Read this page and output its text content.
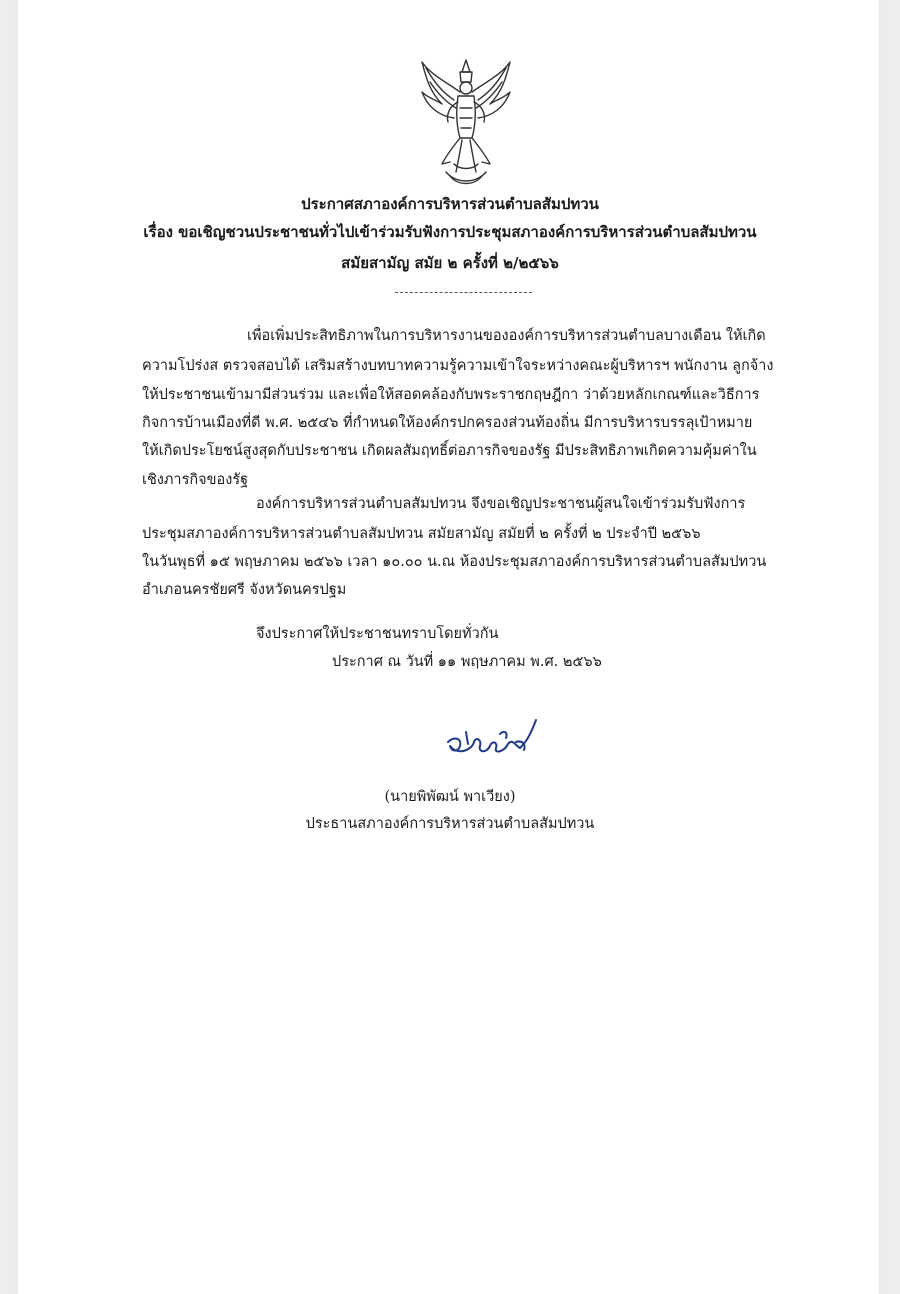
ประกาศสภาองค์การบริหารส่วนตำบลสัมปทวน
เรื่อง ขอเชิญชวนประชาชนทั่วไปเข้าร่วมรับฟังการประชุมสภาองค์การบริหารส่วนตำบลสัมปทวน
สมัยสามัญ สมัย ๒ ครั้งที่ ๒/๒๕๖๖
เพื่อเพิ่มประสิทธิภาพในการบริหารงานขององค์การบริหารส่วนตำบลบางเดือน ให้เกิด
ความโปร่งส ตรวจสอบได้ เสริมสร้างบทบาทความรู้ความเข้าใจระหว่างคณะผู้บริหารฯ พนักงาน ลูกจ้าง
ให้ประชาชนเข้ามามีส่วนร่วม และเพื่อให้สอดคล้องกับพระราชกฤษฎีกา ว่าด้วยหลักเกณฑ์และวิธีการ
กิจการบ้านเมืองที่ดี พ.ศ. ๒๕๔๖ ที่กำหนดให้องค์กรปกครองส่วนท้องถิ่น มีการบริหารบรรลุเป้าหมาย
ให้เกิดประโยชน์สูงสุดกับประชาชน เกิดผลสัมฤทธิ์ต่อภารกิจของรัฐ มีประสิทธิภาพเกิดความคุ้มค่าใน
เชิงภารกิจของรัฐ
องค์การบริหารส่วนตำบลสัมปทวน จึงขอเชิญประชาชนผู้สนใจเข้าร่วมรับฟังการ
ประชุมสภาองค์การบริหารส่วนตำบลสัมปทวน สมัยสามัญ สมัยที่ ๒ ครั้งที่ ๒ ประจำปี ๒๕๖๖
ในวันพุธที่ ๑๕ พฤษภาคม ๒๕๖๖ เวลา ๑๐.๐๐ น.ณ ห้องประชุมสภาองค์การบริหารส่วนตำบลสัมปทวน
อำเภอนครชัยศรี จังหวัดนครปฐม
จึงประกาศให้ประชาชนทราบโดยทั่วกัน
ประกาศ ณ วันที่ ๑๑ พฤษภาคม พ.ศ. ๒๕๖๖
(นายพิพัฒน์ พาเวียง)
ประธานสภาองค์การบริหารส่วนตำบลสัมปทวน
